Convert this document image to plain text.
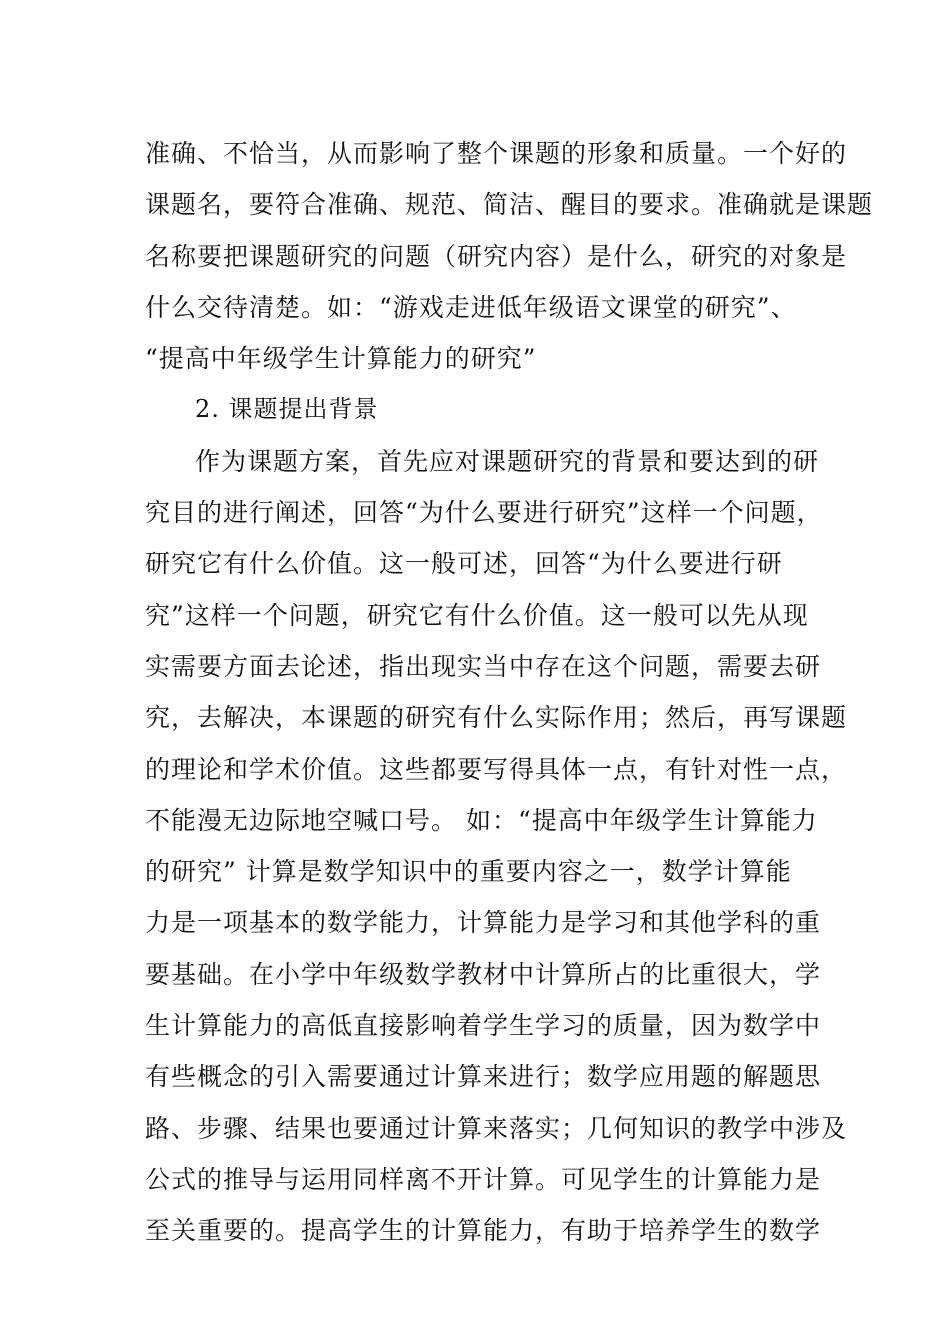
准确、不恰当，从而影响了整个课题的形象和质量。一个好的
课题名，要符合准确、规范、简洁、醒目的要求。准确就是课题
名称要把课题研究的问题（研究内容）是什么，研究的对象是
什么交待清楚。如：“游戏走进低年级语文课堂的研究”、
“提高中年级学生计算能力的研究”
2. 课题提出背景
作为课题方案，首先应对课题研究的背景和要达到的研
究目的进行阐述，回答“为什么要进行研究”这样一个问题，
研究它有什么价值。这一般可述，回答“为什么要进行研
究”这样一个问题，研究它有什么价值。这一般可以先从现
实需要方面去论述，指出现实当中存在这个问题，需要去研
究，去解决，本课题的研究有什么实际作用；然后，再写课题
的理论和学术价值。这些都要写得具体一点，有针对性一点，
不能漫无边际地空喊口号。 如：“提高中年级学生计算能力
的研究” 计算是数学知识中的重要内容之一，数学计算能
力是一项基本的数学能力，计算能力是学习和其他学科的重
要基础。在小学中年级数学教材中计算所占的比重很大，学
生计算能力的高低直接影响着学生学习的质量，因为数学中
有些概念的引入需要通过计算来进行；数学应用题的解题思
路、步骤、结果也要通过计算来落实；几何知识的教学中涉及
公式的推导与运用同样离不开计算。可见学生的计算能力是
至关重要的。提高学生的计算能力，有助于培养学生的数学
